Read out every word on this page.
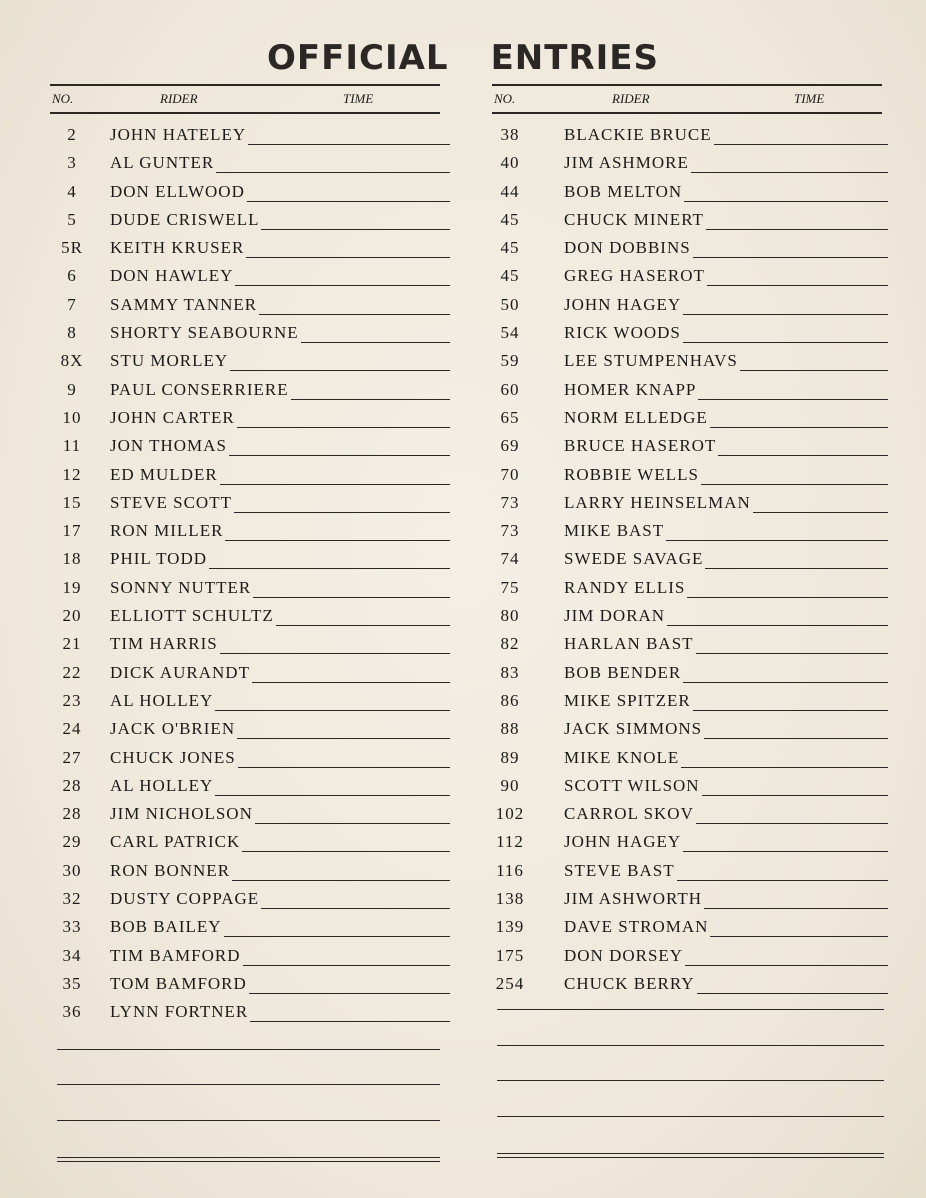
OFFICIAL ENTRIES
NO.	RIDER	TIME
2	JOHN HATELEY
3	AL GUNTER
4	DON ELLWOOD
5	DUDE CRISWELL
5R	KEITH KRUSER
6	DON HAWLEY
7	SAMMY TANNER
8	SHORTY SEABOURNE
8X	STU MORLEY
9	PAUL CONSERRIERE
10	JOHN CARTER
11	JON THOMAS
12	ED MULDER
15	STEVE SCOTT
17	RON MILLER
18	PHIL TODD
19	SONNY NUTTER
20	ELLIOTT SCHULTZ
21	TIM HARRIS
22	DICK AURANDT
23	AL HOLLEY
24	JACK O'BRIEN
27	CHUCK JONES
28	AL HOLLEY
28	JIM NICHOLSON
29	CARL PATRICK
30	RON BONNER
32	DUSTY COPPAGE
33	BOB BAILEY
34	TIM BAMFORD
35	TOM BAMFORD
36	LYNN FORTNER
NO.	RIDER	TIME
38	BLACKIE BRUCE
40	JIM ASHMORE
44	BOB MELTON
45	CHUCK MINERT
45	DON DOBBINS
45	GREG HASEROT
50	JOHN HAGEY
54	RICK WOODS
59	LEE STUMPENHAVS
60	HOMER KNAPP
65	NORM ELLEDGE
69	BRUCE HASEROT
70	ROBBIE WELLS
73	LARRY HEINSELMAN
73	MIKE BAST
74	SWEDE SAVAGE
75	RANDY ELLIS
80	JIM DORAN
82	HARLAN BAST
83	BOB BENDER
86	MIKE SPITZER
88	JACK SIMMONS
89	MIKE KNOLE
90	SCOTT WILSON
102 CARROL SKOV
112 JOHN HAGEY
116 STEVE BAST
138 JIM ASHWORTH
139 DAVE STROMAN
175 DON DORSEY
254 CHUCK BERRY
